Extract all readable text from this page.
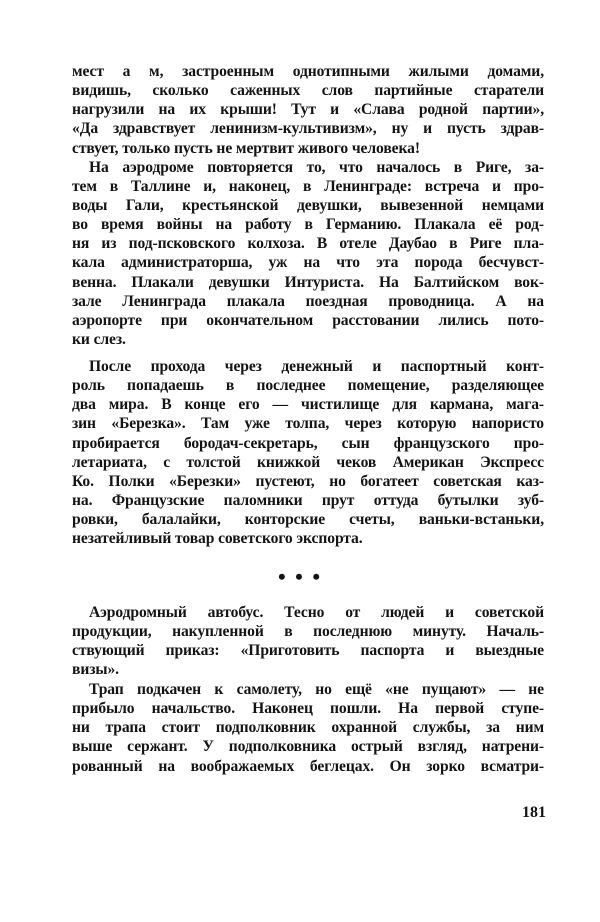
мест а м, застроенным однотипными жилыми домами,
видишь, сколько саженных слов партийные старатели
нагрузили на их крыши! Тут и «Слава родной партии»,
«Да здравствует ленинизм-культивизм», ну и пусть здрав-
ствует, только пусть не мертвит живого человека!
На аэродроме повторяется то, что началось в Риге, за-
тем в Таллине и, наконец, в Ленинграде: встреча и про-
воды Гали, крестьянской девушки, вывезенной немцами
во время войны на работу в Германию. Плакала её род-
ня из под-псковского колхоза. В отеле Даубао в Риге пла-
кала администраторша, уж на что эта порода бесчувст-
венна. Плакали девушки Интуриста. На Балтийском вок-
зале Ленинграда плакала поездная проводница. А на
аэропорте при окончательном расстовании лились пото-
ки слез.
После прохода через денежный и паспортный конт-
роль попадаешь в последнее помещение, разделяющее
два мира. В конце его — чистилище для кармана, мага-
зин «Березка». Там уже толпа, через которую напористо
пробирается бородач-секретарь, сын французского про-
летариата, с толстой книжкой чеков Американ Экспресс
Ко. Полки «Березки» пустеют, но богатеет советская каз-
на. Французские паломники прут оттуда бутылки зуб-
ровки, балалайки, конторские счеты, ваньки-встаньки,
незатейливый товар советского экспорта.
• • •
Аэродромный автобус. Тесно от людей и советской
продукции, накупленной в последнюю минуту. Началь-
ствующий приказ: «Приготовить паспорта и выездные
визы».
Трап подкачен к самолету, но ещё «не пущают» — не
прибыло начальство. Наконец пошли. На первой ступе-
ни трапа стоит подполковник охранной службы, за ним
выше сержант. У подполковника острый взгляд, натрени-
рованный на воображаемых беглецах. Он зорко всматри-
181
